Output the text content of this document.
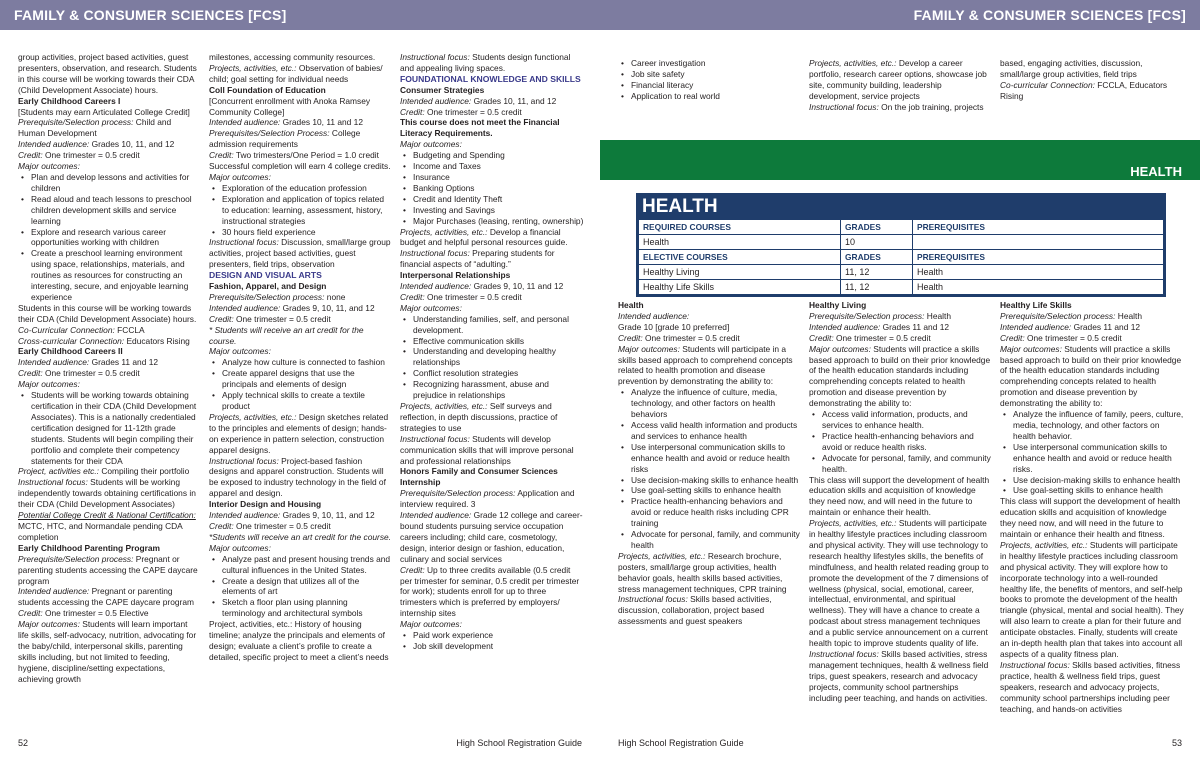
FAMILY & CONSUMER SCIENCES [FCS]

group activities, project based activities, guest presenters, observation, and research. Students in this course will be working towards their CDA (Child Development Associate) hours.

Early Childhood Careers I

[Students may earn Articulated College Credit]

Prerequisite/Selection process: Child and Human Development

Intended audience: Grades 10, 11, and 12

Credit: One trimester = 0.5 credit

Major outcomes:

• Plan and develop lessons and activities for children
• Read aloud and teach lessons to preschool children development skills and service learning
• Explore and research various career opportunities working with children
• Create a preschool learning environment using space, relationships, materials, and routines as resources for constructing an interesting, secure, and enjoyable learning experience

Students in this course will be working towards their CDA (Child Development Associate) hours.

Co-Curricular Connection: FCCLA

Cross-curricular Connection: Educators Rising

Early Childhood Careers II

Intended audience: Grades 11 and 12

Credit: One trimester = 0.5 credit

Major outcomes:

• Students will be working towards obtaining certification in their CDA (Child Development Associates). This is a nationally credentialed certification designed for 11-12th grade students. Students will begin compiling their portfolio and complete their competency statements for their CDA

Project, activities etc.: Compiling their portfolio

Instructional focus: Students will be working independently towards obtaining certifications in their CDA (Child Development Associates)

Potential College Credit & National Certification:

MCTC, HTC, and Normandale pending CDA completion

Early Childhood Parenting Program

Prerequisite/Selection process: Pregnant or parenting students accessing the CAPE daycare program

Intended audience: Pregnant or parenting students accessing the CAPE daycare program

Credit: One trimester = 0.5 Elective

Major outcomes: Students will learn important life skills, self-advocacy, nutrition, advocating for the baby/child, interpersonal skills, parenting skills including, but not limited to feeding, hygiene, discipline/setting expectations, achieving growth

milestones, accessing community resources.

Projects, activities, etc.: Observation of babies/ child; goal setting for individual needs

Coll Foundation of Education

[Concurrent enrollment with Anoka Ramsey Community College]

Intended audience: Grades 10, 11 and 12

Prerequisites/Selection Process: College admission requirements

Credit: Two trimesters/One Period = 1.0 credit Successful completion will earn 4 college credits.

Major outcomes:

• Exploration of the education profession
• Exploration and application of topics related to education: learning, assessment, history, instructional strategies
• 30 hours field experience

Instructional focus: Discussion, small/large group activities, project based activities, guest presenters, field trips, observation

DESIGN AND VISUAL ARTS

Fashion, Apparel, and Design

Prerequisite/Selection process: none

Intended audience: Grades 9, 10, 11, and 12

Credit: One trimester = 0.5 credit

* Students will receive an art credit for the course.

Major outcomes:

• Analyze how culture is connected to fashion
• Create apparel designs that use the principals and elements of design
• Apply technical skills to create a textile product

Projects, activities, etc.: Design sketches related to the principles and elements of design; hands-on experience in pattern selection, construction apparel designs.

Instructional focus: Project-based fashion designs and apparel construction. Students will be exposed to industry technology in the field of apparel and design.

Interior Design and Housing

Intended audience: Grades 9, 10, 11, and 12

Credit: One trimester = 0.5 credit

*Students will receive an art credit for the course.

Major outcomes:

• Analyze past and present housing trends and cultural influences in the United States.
• Create a design that utilizes all of the elements of art
• Sketch a floor plan using planning terminology and architectural symbols

Project, activities, etc.: History of housing timeline; analyze the principals and elements of design; evaluate a client’s profile to create a detailed, specific project to meet a client’s needs

Instructional focus: Students design functional and appealing living spaces.

FOUNDATIONAL KNOWLEDGE AND SKILLS

Consumer Strategies

Intended audience: Grades 10, 11, and 12

Credit: One trimester = 0.5 credit

This course does not meet the Financial Literacy Requirements.

Major outcomes:

• Budgeting and Spending
• Income and Taxes
• Insurance
• Banking Options
• Credit and Identity Theft
• Investing and Savings
• Major Purchases (leasing, renting, ownership)

Projects, activities, etc.: Develop a financial budget and helpful personal resources guide.

Instructional focus: Preparing students for financial aspects of “adulting.”

Interpersonal Relationships

Intended audience: Grades 9, 10, 11 and 12

Credit: One trimester = 0.5 credit

Major outcomes:

• Understanding families, self, and personal development.
• Effective communication skills
• Understanding and developing healthy relationships
• Conflict resolution strategies
• Recognizing harassment, abuse and prejudice in relationships

Projects, activities, etc.: Self surveys and reflection, in depth discussions, practice of strategies to use

Instructional focus: Students will develop communication skills that will improve personal and professional relationships

Honors Family and Consumer Sciences Internship

Prerequisite/Selection process: Application and interview required. 3

Intended audience: Grade 12 college and career-bound students pursuing service occupation careers including; child care, cosmetology, design, interior design or fashion, education, culinary and social services

Credit: Up to three credits available (0.5 credit per trimester for seminar, 0.5 credit per trimester for work); students enroll for up to three trimesters which is preferred by employers/ internship sites

Major outcomes:

• Paid work experience
• Job skill development
52	High School Registration Guide
FAMILY & CONSUMER SCIENCES [FCS]
• Career investigation
• Job site safety
• Financial literacy
• Application to real world

Projects, activities, etc.: Develop a career portfolio, research career options, showcase job site, community building, leadership development, service projects

Instructional focus: On the job training, projects

based, engaging activities, discussion, small/large group activities, field trips

Co-curricular Connection: FCCLA, Educators Rising

HEALTH

Health

Intended audience:

Grade 10 [grade 10 preferred]

Credit: One trimester = 0.5 credit

Major outcomes: Students will participate in a skills based approach to comprehend concepts related to health promotion and disease prevention by demonstrating the ability to:

• Analyze the influence of culture, media, technology, and other factors on health behaviors
• Access valid health information and products and services to enhance health
• Use interpersonal communication skills to enhance health and avoid or reduce health risks
• Use decision-making skills to enhance health
• Use goal-setting skills to enhance health
• Practice health-enhancing behaviors and avoid or reduce health risks including CPR training
• Advocate for personal, family, and community health

Projects, activities, etc.: Research brochure, posters, small/large group activities, health behavior goals, health skills based activities, stress management techniques, CPR training

Instructional focus: Skills based activities, discussion, collaboration, project based assessments and guest speakers

Healthy Living

Prerequisite/Selection process: Health

Intended audience: Grades 11 and 12

Credit: One trimester = 0.5 credit

Major outcomes: Students will practice a skills based approach to build on their prior knowledge of the health education standards including comprehending concepts related to health promotion and disease prevention by demonstrating the ability to:

• Access valid information, products, and services to enhance health.
• Practice health-enhancing behaviors and avoid or reduce health risks.
• Advocate for personal, family, and community health.

This class will support the development of health education skills and acquisition of knowledge they need now, and will need in the future to maintain or enhance their health.

Projects, activities, etc.: Students will participate in healthy lifestyle practices including classroom and physical activity. They will use technology to research healthy lifestyles skills, the benefits of mindfulness, and health related reading group to promote the development of the 7 dimensions of wellness (physical, social, emotional, career, intellectual, environmental, and spiritual wellness). They will have a chance to create a podcast about stress management techniques and a public service announcement on a current health topic to improve students quality of life.

Instructional focus: Skills based activities, stress management techniques, health & wellness field trips, guest speakers, research and advocacy projects, community school partnerships including peer teaching, and hands on activities.

Healthy Life Skills

Prerequisite/Selection process: Health

Intended audience: Grades 11 and 12

Credit: One trimester = 0.5 credit

Major outcomes: Students will practice a skills based approach to build on their prior knowledge of the health education standards including comprehending concepts related to health promotion and disease prevention by demonstrating the ability to:

• Analyze the influence of family, peers, culture, media, technology, and other factors on health behavior.
• Use interpersonal communication skills to enhance health and avoid or reduce health risks.
• Use decision-making skills to enhance health
• Use goal-setting skills to enhance health

This class will support the development of health education skills and acquisition of knowledge they need now, and will need in the future to maintain or enhance their health and fitness.

Projects, activities, etc.: Students will participate in healthy lifestyle practices including classroom and physical activity. They will explore how to incorporate technology into a well-rounded healthy life, the benefits of mentors, and self-help books to promote the development of the health triangle (physical, mental and social health). They will also learn to create a plan for their future and anticipate obstacles. Finally, students will create an in-depth health plan that takes into account all aspects of a quality fitness plan.

Instructional focus: Skills based activities, fitness practice, health & wellness field trips, guest speakers, research and advocacy projects, community school partnerships including peer teaching, and hands-on activities

High School Registration Guide	53
HEALTH
REQUIRED COURSES	GRADES	PREREQUISITES
Health	10	
ELECTIVE COURSES	GRADES	PREREQUISITES
Healthy Living	11, 12	Health
Healthy Life Skills	11, 12	Health
